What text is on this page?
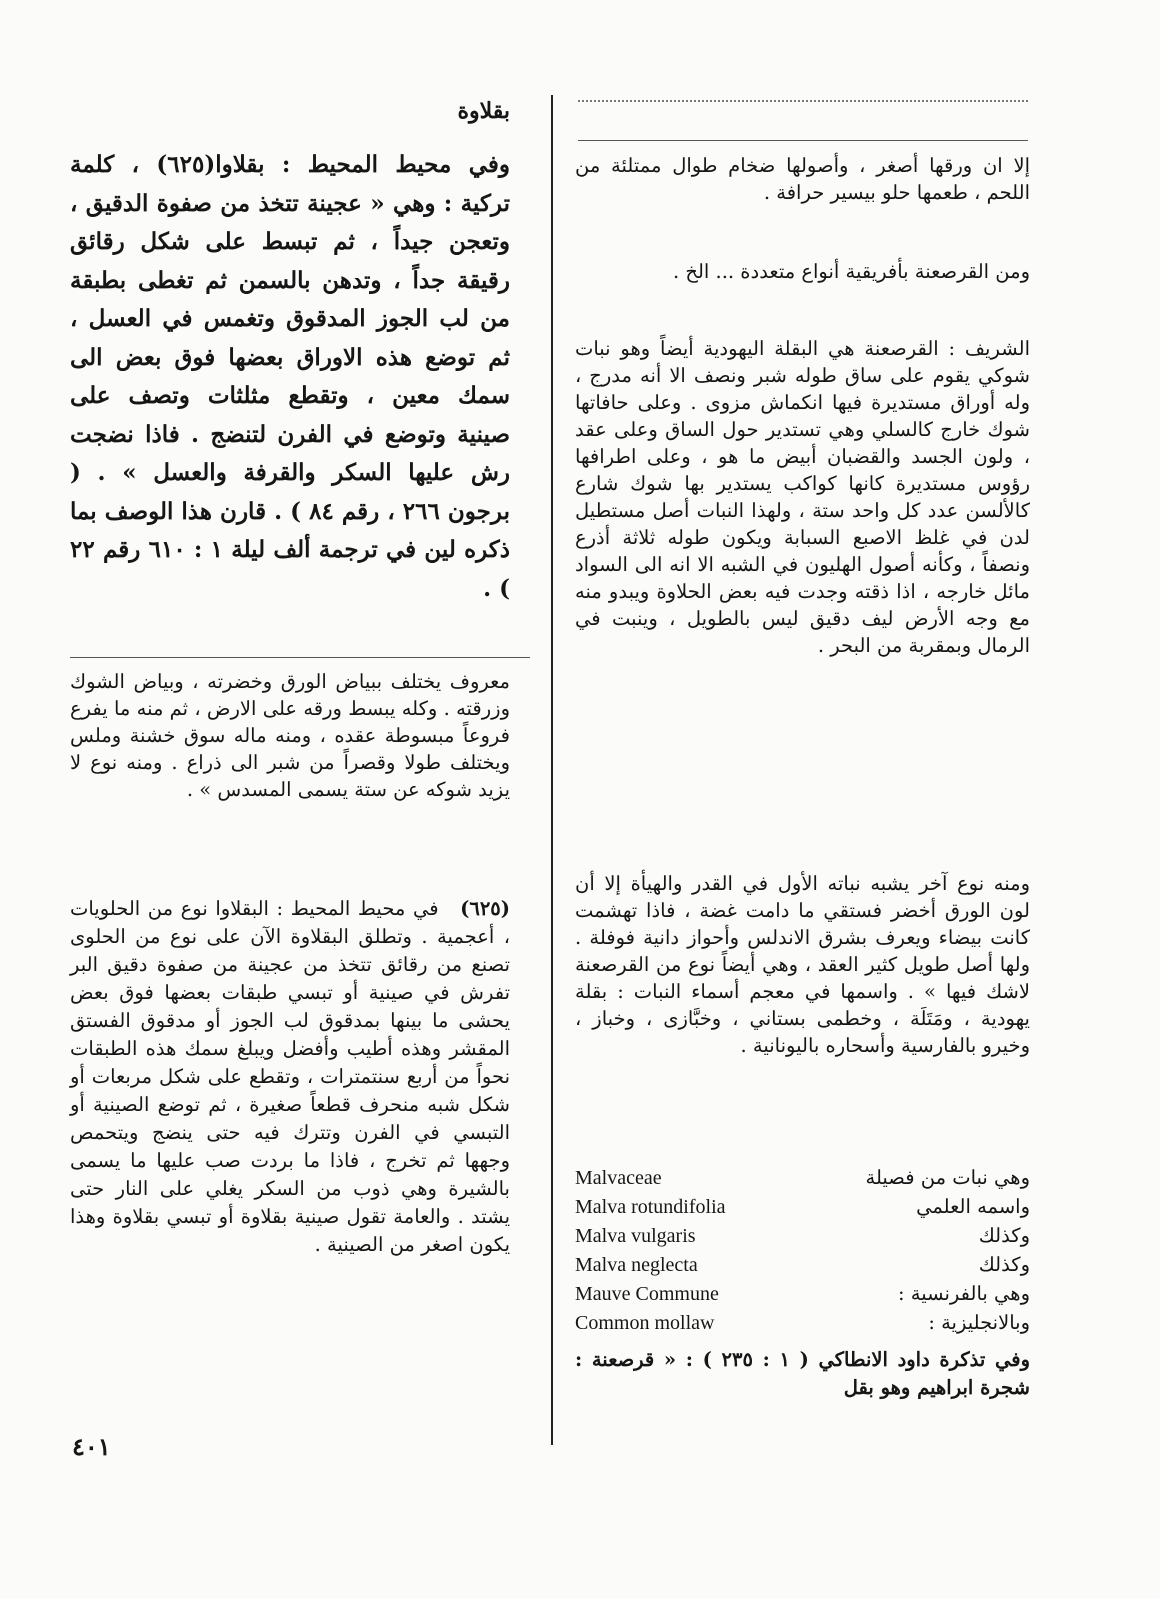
إلا ان ورقها أصغر ، وأصولها ضخام طوال ممتلئة من اللحم ، طعمها حلو بيسير حرافة .

ومن القرصعنة بأفريقية أنواع متعددة ... الخ .

الشريف : القرصعنة هي البقلة اليهودية أيضاً وهو نبات شوكي يقوم على ساق طوله شبر ونصف الا أنه مدرج ، وله أوراق مستديرة فيها انكماش مزوى . وعلى حافاتها شوك خارج كالسلي وهي تستدير حول الساق وعلى عقد ، ولون الجسد والقضبان أبيض ما هو ، وعلى اطرافها رؤوس مستديرة كانها كواكب يستدير بها شوك شارع كالألسن عدد كل واحد ستة ، ولهذا النبات أصل مستطيل لدن في غلظ الاصبع السبابة ويكون طوله ثلاثة أذرع ونصفاً ، وكأنه أصول الهليون في الشبه الا انه الى السواد مائل خارجه ، اذا ذقته وجدت فيه بعض الحلاوة ويبدو منه مع وجه الأرض ليف دقيق ليس بالطويل ، وينبت في الرمال وبمقربة من البحر .

ومنه نوع آخر يشبه نباته الأول في القدر والهيأة إلا أن لون الورق أخضر فستقي ما دامت غضة ، فاذا تهشمت كانت بيضاء ويعرف بشرق الاندلس وأحواز دانية فوفلة . ولها أصل طويل كثير العقد ، وهي أيضاً نوع من القرصعنة لاشك فيها » . واسمها في معجم أسماء النبات : بقلة يهودية ، ومَتَلَة ، وخطمى بستاني ، وخبَّازى ، وخباز ، وخيرو بالفارسية وأسحاره باليونانية .

وهي نبات من فصيلة
Malvaceae
واسمه العلمي
Malva rotundifolia
وكذلك
Malva vulgaris
وكذلك
Malva neglecta
وهي بالفرنسية :
Mauve Commune
وبالانجليزية :
Common mollaw
وفي تذكرة داود الانطاكي ( ١ : ٢٣٥ ) : « قرصعنة : شجرة ابراهيم وهو بقل
بقلاوة
وفي محيط المحيط : بقلاوا(٦٢٥) ، كلمة تركية : وهي « عجينة تتخذ من صفوة الدقيق ، وتعجن جيداً ، ثم تبسط على شكل رقائق رقيقة جداً ، وتدهن بالسمن ثم تغطى بطبقة من لب الجوز المدقوق وتغمس في العسل ، ثم توضع هذه الاوراق بعضها فوق بعض الى سمك معين ، وتقطع مثلثات وتصف على صينية وتوضع في الفرن لتنضج . فاذا نضجت رش عليها السكر والقرفة والعسل » . ( برجون ٢٦٦ ، رقم ٨٤ ) . قارن هذا الوصف بما ذكره لين في ترجمة ألف ليلة ١ : ٦١٠ رقم ٢٢ ) .
معروف يختلف ببياض الورق وخضرته ، وبياض الشوك وزرقته . وكله يبسط ورقه على الارض ، ثم منه ما يفرع فروعاً مبسوطة عقده ، ومنه ماله سوق خشنة وملس ويختلف طولا وقصراً من شبر الى ذراع . ومنه نوع لا يزيد شوكه عن ستة يسمى المسدس » .
(٦٢٥) في محيط المحيط : البقلاوا نوع من الحلويات ، أعجمية . وتطلق البقلاوة الآن على نوع من الحلوى تصنع من رقائق تتخذ من عجينة من صفوة دقيق البر تفرش في صينية أو تبسي طبقات بعضها فوق بعض يحشى ما بينها بمدقوق لب الجوز أو مدقوق الفستق المقشر وهذه أطيب وأفضل ويبلغ سمك هذه الطبقات نحواً من أربع سنتمترات ، وتقطع على شكل مربعات أو شكل شبه منحرف قطعاً صغيرة ، ثم توضع الصينية أو التبسي في الفرن وتترك فيه حتى ينضج ويتحمص وجهها ثم تخرج ، فاذا ما بردت صب عليها ما يسمى بالشيرة وهي ذوب من السكر يغلي على النار حتى يشتد . والعامة تقول صينية بقلاوة أو تبسي بقلاوة وهذا يكون اصغر من الصينية .
٤٠١
